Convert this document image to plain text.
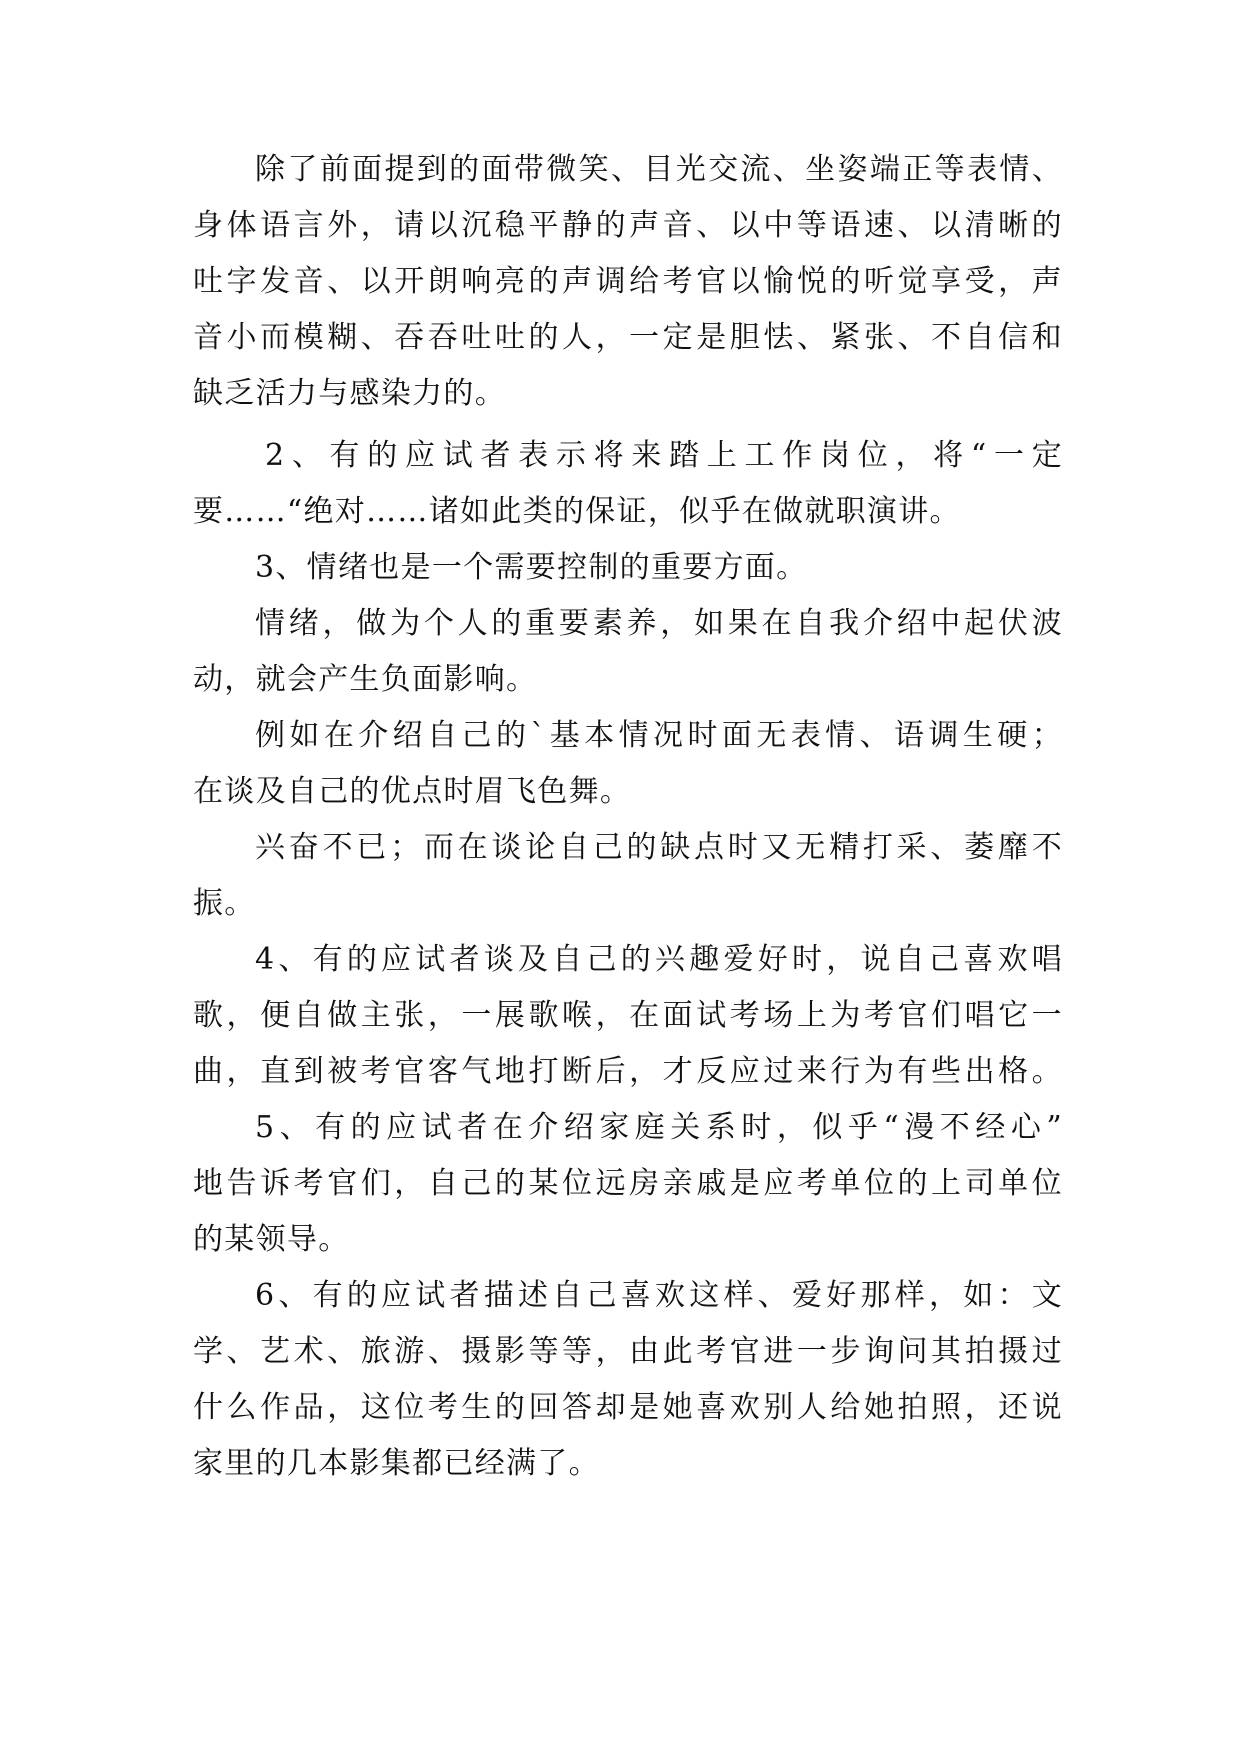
除了前面提到的面带微笑、目光交流、坐姿端正等表情、

身体语言外，请以沉稳平静的声音、以中等语速、以清晰的

吐字发音、以开朗响亮的声调给考官以愉悦的听觉享受，声

音小而模糊、吞吞吐吐的人，一定是胆怯、紧张、不自信和

缺乏活力与感染力的。

2、有的应试者表示将来踏上工作岗位，将“一定

要……“绝对……诸如此类的保证，似乎在做就职演讲。

3、情绪也是一个需要控制的重要方面。

情绪，做为个人的重要素养，如果在自我介绍中起伏波

动，就会产生负面影响。

例如在介绍自己的`基本情况时面无表情、语调生硬；

在谈及自己的优点时眉飞色舞。

兴奋不已；而在谈论自己的缺点时又无精打采、萎靡不

振。

4、有的应试者谈及自己的兴趣爱好时，说自己喜欢唱

歌，便自做主张，一展歌喉，在面试考场上为考官们唱它一

曲，直到被考官客气地打断后，才反应过来行为有些出格。

5、有的应试者在介绍家庭关系时，似乎“漫不经心”

地告诉考官们，自己的某位远房亲戚是应考单位的上司单位

的某领导。

6、有的应试者描述自己喜欢这样、爱好那样，如：文

学、艺术、旅游、摄影等等，由此考官进一步询问其拍摄过

什么作品，这位考生的回答却是她喜欢别人给她拍照，还说

家里的几本影集都已经满了。
